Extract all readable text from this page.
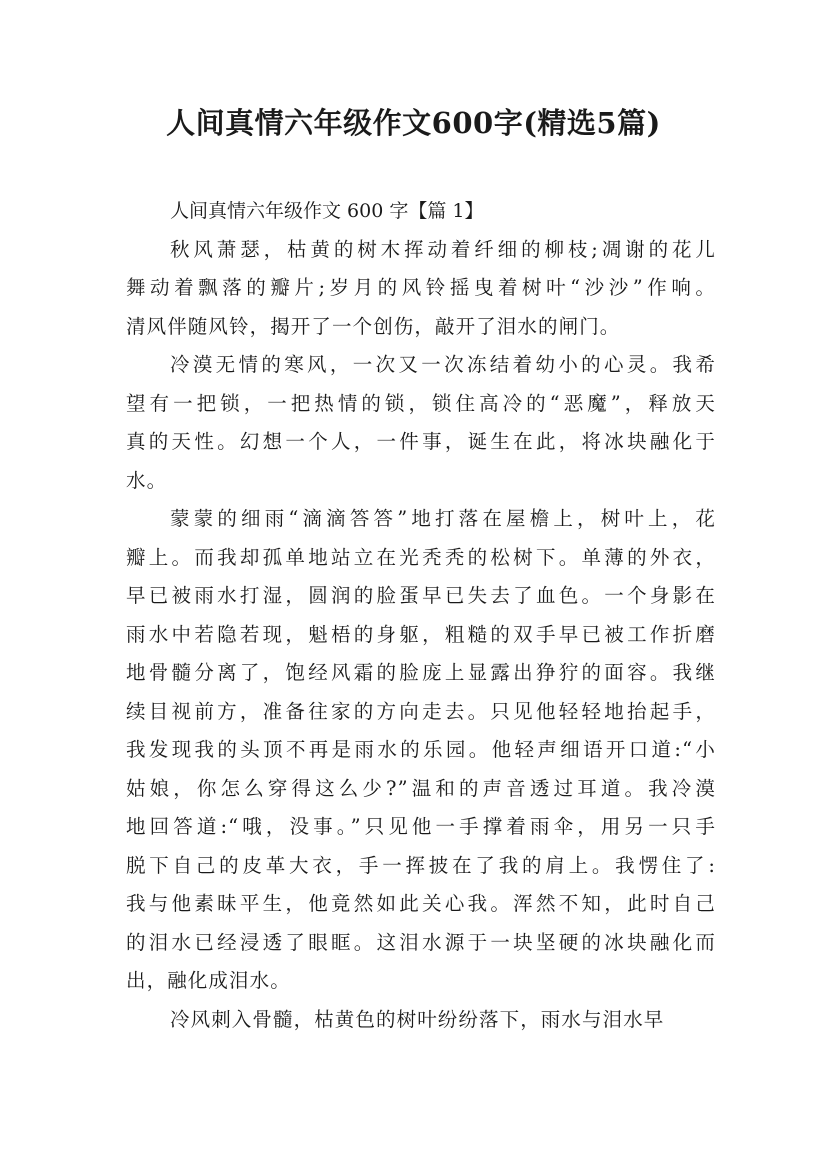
人间真情六年级作文600字(精选5篇)

人间真情六年级作文 600 字【篇 1】

秋风萧瑟，枯黄的树木挥动着纤细的柳枝;凋谢的花儿
舞动着飘落的瓣片;岁月的风铃摇曳着树叶“沙沙”作响。
清风伴随风铃，揭开了一个创伤，敲开了泪水的闸门。

冷漠无情的寒风，一次又一次冻结着幼小的心灵。我希
望有一把锁，一把热情的锁，锁住高冷的“恶魔”，释放天
真的天性。幻想一个人，一件事，诞生在此，将冰块融化于
水。

蒙蒙的细雨“滴滴答答”地打落在屋檐上，树叶上，花
瓣上。而我却孤单地站立在光秃秃的松树下。单薄的外衣，
早已被雨水打湿，圆润的脸蛋早已失去了血色。一个身影在
雨水中若隐若现，魁梧的身躯，粗糙的双手早已被工作折磨
地骨髓分离了，饱经风霜的脸庞上显露出狰狞的面容。我继
续目视前方，准备往家的方向走去。只见他轻轻地抬起手，
我发现我的头顶不再是雨水的乐园。他轻声细语开口道:“小
姑娘，你怎么穿得这么少?”温和的声音透过耳道。我冷漠
地回答道:“哦，没事。”只见他一手撑着雨伞，用另一只手
脱下自己的皮革大衣，手一挥披在了我的肩上。我愣住了:
我与他素昧平生，他竟然如此关心我。浑然不知，此时自己
的泪水已经浸透了眼眶。这泪水源于一块坚硬的冰块融化而
出，融化成泪水。

冷风刺入骨髓，枯黄色的树叶纷纷落下，雨水与泪水早
